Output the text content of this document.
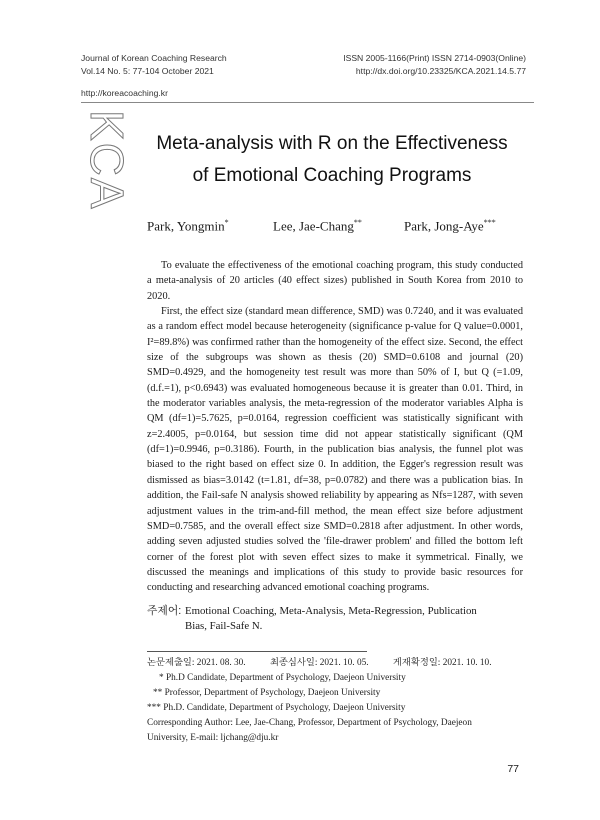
Journal of Korean Coaching Research
Vol.14 No. 5: 77-104 October 2021
ISSN 2005-1166(Print) ISSN 2714-0903(Online)
http://dx.doi.org/10.23325/KCA.2021.14.5.77
http://koreacoaching.kr
KCA	Meta-analysis with R on the Effectiveness
of Emotional Coaching Programs
Park, Yongmin*	Lee, Jae-Chang**	Park, Jong-Aye***

To evaluate the effectiveness of the emotional coaching program, this study conducted a meta-analysis of 20 articles (40 effect sizes) published in South Korea from 2010 to 2020.

First, the effect size (standard mean difference, SMD) was 0.7240, and it was evaluated as a random effect model because heterogeneity (significance p-value for Q value=0.0001, I²=89.8%) was confirmed rather than the homogeneity of the effect size. Second, the effect size of the subgroups was shown as thesis (20) SMD=0.6108 and journal (20) SMD=0.4929, and the homogeneity test result was more than 50% of I, but Q (=1.09, (d.f.=1), p<0.6943) was evaluated homogeneous because it is greater than 0.01. Third, in the moderator variables analysis, the meta-regression of the moderator variables Alpha is QM (df=1)=5.7625, p=0.0164, regression coefficient was statistically significant with z=2.4005, p=0.0164, but session time did not appear statistically significant (QM (df=1)=0.9946, p=0.3186). Fourth, in the publication bias analysis, the funnel plot was biased to the right based on effect size 0. In addition, the Egger's regression result was dismissed as bias=3.0142 (t=1.81, df=38, p=0.0782) and there was a publication bias. In addition, the Fail-safe N analysis showed reliability by appearing as Nfs=1287, with seven adjustment values in the trim-and-fill method, the mean effect size before adjustment SMD=0.7585, and the overall effect size SMD=0.2818 after adjustment. In other words, adding seven adjusted studies solved the 'file-drawer problem' and filled the bottom left corner of the forest plot with seven effect sizes to make it symmetrical. Finally, we discussed the meanings and implications of this study to provide basic resources for conducting and researching advanced emotional coaching programs.

주제어: Emotional Coaching, Meta-Analysis, Meta-Regression, Publication
Bias, Fail-Safe N.
논문제출일: 2021. 08. 30.	최종심사일: 2021. 10. 05.	게재확정일: 2021. 10. 10.
* Ph.D Candidate, Department of Psychology, Daejeon University
** Professor, Department of Psychology, Daejeon University
*** Ph.D. Candidate, Department of Psychology, Daejeon University
Corresponding Author: Lee, Jae-Chang, Professor, Department of Psychology, Daejeon
University, E-mail: ljchang@dju.kr
77
